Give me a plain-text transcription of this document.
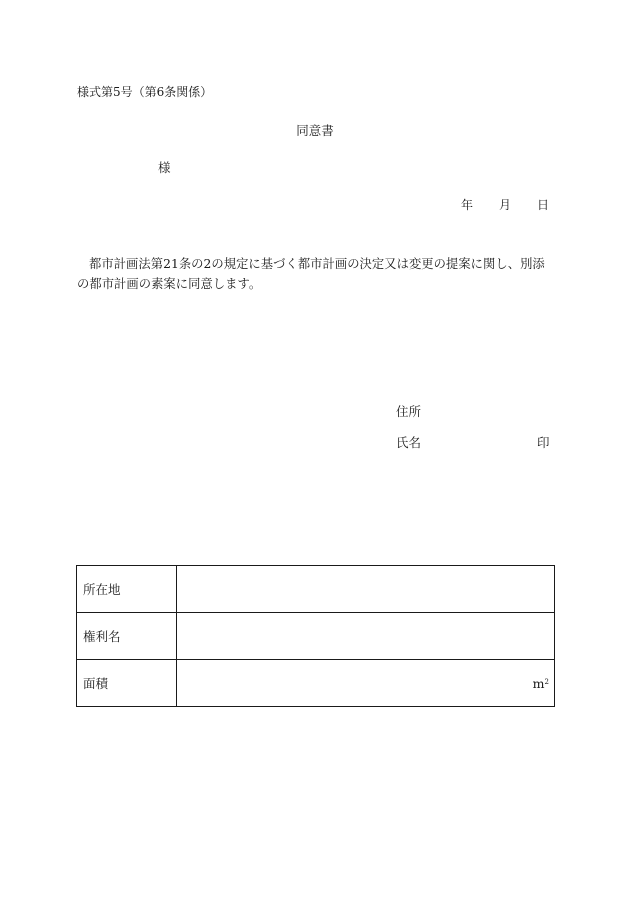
様式第5号（第6条関係）
同意書
様
年 月 日
都市計画法第21条の2の規定に基づく都市計画の決定又は変更の提案に関し、別添の都市計画の素案に同意します。
住所
氏名	印
所在地	
権利名	
面積	$m^2$
